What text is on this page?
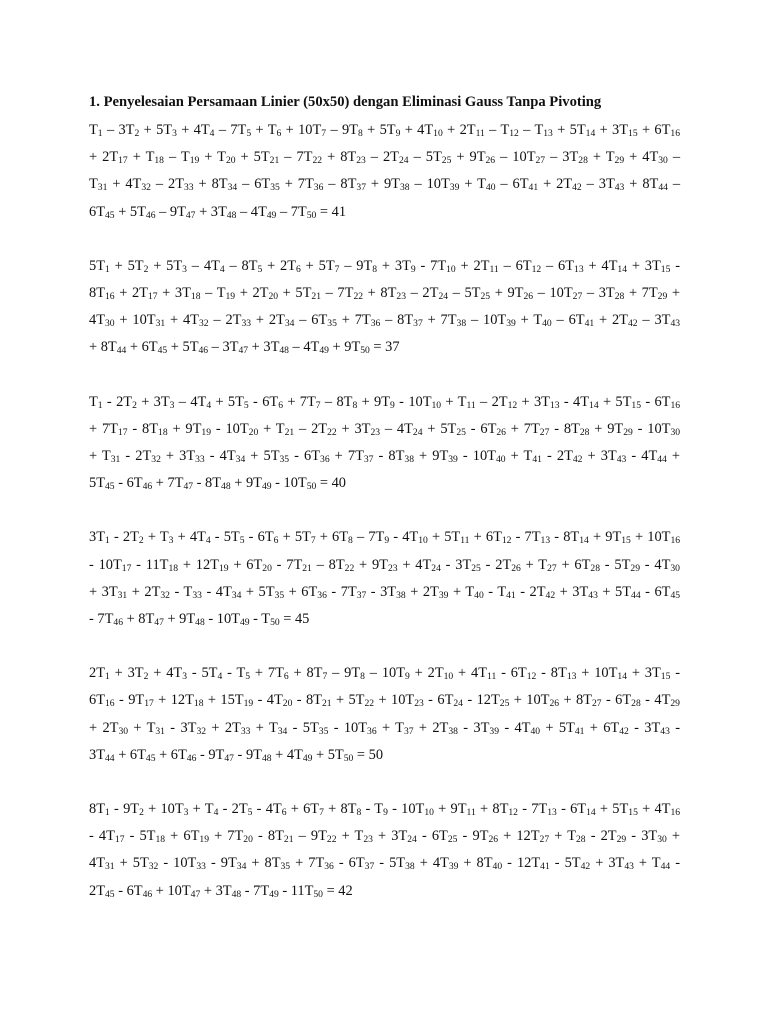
1. Penyelesaian Persamaan Linier (50x50) dengan Eliminasi Gauss Tanpa Pivoting
$T_1 - 3T_2 + 5T_3 + 4T_4 - 7T_5 + T_6 + 10T_7 - 9T_8 + 5T_9 + 4T_{10} + 2T_{11} - T_{12} - T_{13} + 5T_{14} + 3T_{15} + 6T_{16}$
+ $2T_{17} + T_{18} - T_{19} + T_{20} + 5T_{21} - 7T_{22} + 8T_{23} - 2T_{24} - 5T_{25} + 9T_{26} - 10T_{27} - 3T_{28} + T_{29} + 4T_{30}$ –
$T_{31} + 4T_{32} - 2T_{33} + 8T_{34} - 6T_{35} + 7T_{36} - 8T_{37} + 9T_{38} - 10T_{39} + T_{40} - 6T_{41} + 2T_{42} - 3T_{43} + 8T_{44}$ –
$6T_{45} + 5T_{46} - 9T_{47} + 3T_{48} - 4T_{49} - 7T_{50} = 41$
$5T_1 + 5T_2 + 5T_3 - 4T_4 - 8T_5 + 2T_6 + 5T_7 - 9T_8 + 3T_9 - 7T_{10} + 2T_{11} - 6T_{12} - 6T_{13} + 4T_{14} + 3T_{15}$ -
$8T_{16} + 2T_{17} + 3T_{18} - T_{19} + 2T_{20} + 5T_{21} - 7T_{22} + 8T_{23} - 2T_{24} - 5T_{25} + 9T_{26} - 10T_{27} - 3T_{28} + 7T_{29}$ +
$4T_{30} + 10T_{31} + 4T_{32} - 2T_{33} + 2T_{34} - 6T_{35} + 7T_{36} - 8T_{37} + 7T_{38} - 10T_{39} + T_{40} - 6T_{41} + 2T_{42} - 3T_{43}$
+ $8T_{44} + 6T_{45} + 5T_{46} - 3T_{47} + 3T_{48} - 4T_{49} + 9T_{50} = 37$
$T_1 - 2T_2 + 3T_3 - 4T_4 + 5T_5 - 6T_6 + 7T_7 - 8T_8 + 9T_9 - 10T_{10} + T_{11} - 2T_{12} + 3T_{13} - 4T_{14} + 5T_{15} - 6T_{16}$
+ $7T_{17} - 8T_{18} + 9T_{19} - 10T_{20} + T_{21} - 2T_{22} + 3T_{23} - 4T_{24} + 5T_{25} - 6T_{26} + 7T_{27} - 8T_{28} + 9T_{29} - 10T_{30}$
+ $T_{31} - 2T_{32} + 3T_{33} - 4T_{34} + 5T_{35} - 6T_{36} + 7T_{37} - 8T_{38} + 9T_{39} - 10T_{40} + T_{41} - 2T_{42} + 3T_{43} - 4T_{44}$ +
$5T_{45} - 6T_{46} + 7T_{47} - 8T_{48} + 9T_{49} - 10T_{50} = 40$
$3T_1 - 2T_2 + T_3 + 4T_4 - 5T_5 - 6T_6 + 5T_7 + 6T_8 - 7T_9 - 4T_{10} + 5T_{11} + 6T_{12} - 7T_{13} - 8T_{14} + 9T_{15} + 10T_{16}$
- $10T_{17} - 11T_{18} + 12T_{19} + 6T_{20} - 7T_{21} - 8T_{22} + 9T_{23} + 4T_{24} - 3T_{25} - 2T_{26} + T_{27} + 6T_{28} - 5T_{29} - 4T_{30}$
+ $3T_{31} + 2T_{32} - T_{33} - 4T_{34} + 5T_{35} + 6T_{36} - 7T_{37} - 3T_{38} + 2T_{39} + T_{40} - T_{41} - 2T_{42} + 3T_{43} + 5T_{44} - 6T_{45}$
- $7T_{46} + 8T_{47} + 9T_{48} - 10T_{49} - T_{50} = 45$
$2T_1 + 3T_2 + 4T_3 - 5T_4 - T_5 + 7T_6 + 8T_7 - 9T_8 - 10T_9 + 2T_{10} + 4T_{11} - 6T_{12} - 8T_{13} + 10T_{14} + 3T_{15}$ -
$6T_{16} - 9T_{17} + 12T_{18} + 15T_{19} - 4T_{20} - 8T_{21} + 5T_{22} + 10T_{23} - 6T_{24} - 12T_{25} + 10T_{26} + 8T_{27} - 6T_{28} - 4T_{29}$
+ $2T_{30} + T_{31} - 3T_{32} + 2T_{33} + T_{34} - 5T_{35} - 10T_{36} + T_{37} + 2T_{38} - 3T_{39} - 4T_{40} + 5T_{41} + 6T_{42} - 3T_{43}$ -
$3T_{44} + 6T_{45} + 6T_{46} - 9T_{47} - 9T_{48} + 4T_{49} + 5T_{50} = 50$
$8T_1 - 9T_2 + 10T_3 + T_4 - 2T_5 - 4T_6 + 6T_7 + 8T_8 - T_9 - 10T_{10} + 9T_{11} + 8T_{12} - 7T_{13} - 6T_{14} + 5T_{15} + 4T_{16}$
- $4T_{17} - 5T_{18} + 6T_{19} + 7T_{20} - 8T_{21} - 9T_{22} + T_{23} + 3T_{24} - 6T_{25} - 9T_{26} + 12T_{27} + T_{28} - 2T_{29} - 3T_{30}$ +
$4T_{31} + 5T_{32} - 10T_{33} - 9T_{34} + 8T_{35} + 7T_{36} - 6T_{37} - 5T_{38} + 4T_{39} + 8T_{40} - 12T_{41} - 5T_{42} + 3T_{43} + T_{44}$ -
$2T_{45} - 6T_{46} + 10T_{47} + 3T_{48} - 7T_{49} - 11T_{50} = 42$
